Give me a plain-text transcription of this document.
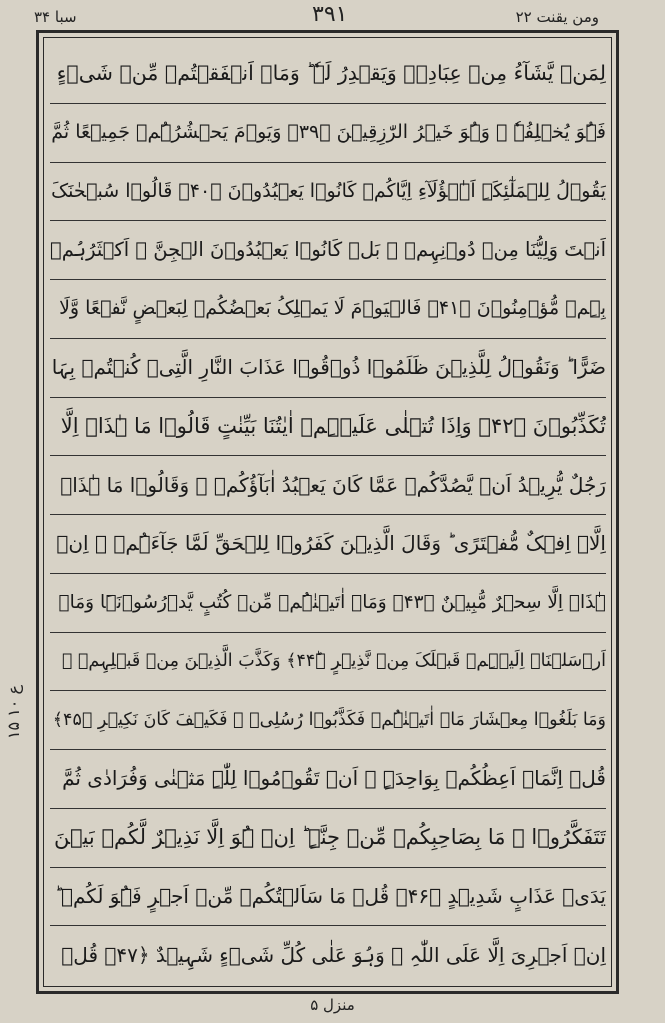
ومن یقنت ۲۲
۳۹۱
سبا ۳۴
لِمَنۡ یَّشَآءُ مِنۡ عِبَادِہٖ وَیَقۡدِرُ لَہٗ ؕ وَمَاۤ اَنۡفَقۡتُمۡ مِّنۡ شَیۡءٍ
فَہُوَ یُخۡلِفُہٗ ۚ وَہُوَ خَیۡرُ الرّٰزِقِیۡنَ ﴿۳۹﴾ وَیَوۡمَ یَحۡشُرُہُمۡ جَمِیۡعًا ثُمَّ
یَقُوۡلُ لِلۡمَلٰٓئِکَۃِ اَہٰۤؤُلَآءِ اِیَّاکُمۡ کَانُوۡا یَعۡبُدُوۡنَ ﴿۴۰﴾ قَالُوۡا سُبۡحٰنَکَ
اَنۡتَ وَلِیُّنَا مِنۡ دُوۡنِہِمۡ ۚ بَلۡ کَانُوۡا یَعۡبُدُوۡنَ الۡجِنَّ ۚ اَکۡثَرُہُمۡ
بِہِمۡ مُّؤۡمِنُوۡنَ ﴿۴۱﴾ فَالۡیَوۡمَ لَا یَمۡلِکُ بَعۡضُکُمۡ لِبَعۡضٍ نَّفۡعًا وَّلَا
ضَرًّا ؕ وَنَقُوۡلُ لِلَّذِیۡنَ ظَلَمُوۡا ذُوۡقُوۡا عَذَابَ النَّارِ الَّتِیۡ کُنۡتُمۡ بِہَا
تُکَذِّبُوۡنَ ﴿۴۲﴾ وَاِذَا تُتۡلٰی عَلَیۡہِمۡ اٰیٰتُنَا بَیِّنٰتٍ قَالُوۡا مَا ہٰذَاۤ اِلَّا
رَجُلٌ یُّرِیۡدُ اَنۡ یَّصُدَّکُمۡ عَمَّا کَانَ یَعۡبُدُ اٰبَآؤُکُمۡ ۚ وَقَالُوۡا مَا ہٰذَاۤ
اِلَّاۤ اِفۡکٌ مُّفۡتَرًی ؕ وَقَالَ الَّذِیۡنَ کَفَرُوۡا لِلۡحَقِّ لَمَّا جَآءَہُمۡ ۙ اِنۡ
ہٰذَاۤ اِلَّا سِحۡرٌ مُّبِیۡنٌ ﴿۴۳﴾ وَمَاۤ اٰتَیۡنٰہُمۡ مِّنۡ کُتُبٍ یَّدۡرُسُوۡنَہَا وَمَاۤ
اَرۡسَلۡنَاۤ اِلَیۡہِمۡ قَبۡلَکَ مِنۡ نَّذِیۡرٍ ﴿ؕ۴۴﴾ وَکَذَّبَ الَّذِیۡنَ مِنۡ قَبۡلِہِمۡ ۙ
وَمَا بَلَغُوۡا مِعۡشَارَ مَاۤ اٰتَیۡنٰہُمۡ فَکَذَّبُوۡا رُسُلِیۡ ۟ فَکَیۡفَ کَانَ نَکِیۡرِ ﴿۴۵﴾
قُلۡ اِنَّمَاۤ اَعِظُکُمۡ بِوَاحِدَۃٍ ۚ اَنۡ تَقُوۡمُوۡا لِلّٰہِ مَثۡنٰی وَفُرَادٰی ثُمَّ
تَتَفَکَّرُوۡا ۟ مَا بِصَاحِبِکُمۡ مِّنۡ جِنَّۃٍ ؕ اِنۡ ہُوَ اِلَّا نَذِیۡرٌ لَّکُمۡ بَیۡنَ
یَدَیۡ عَذَابٍ شَدِیۡدٍ ﴿۴۶﴾ قُلۡ مَا سَاَلۡتُکُمۡ مِّنۡ اَجۡرٍ فَہُوَ لَکُمۡ ؕ
اِنۡ اَجۡرِیَ اِلَّا عَلَی اللّٰہِ ۚ وَہُوَ عَلٰی کُلِّ شَیۡءٍ شَہِیۡدٌ ﴿۴۷﴾ قُلۡ
ع ۱۰ ۱۵
منزل ۵
